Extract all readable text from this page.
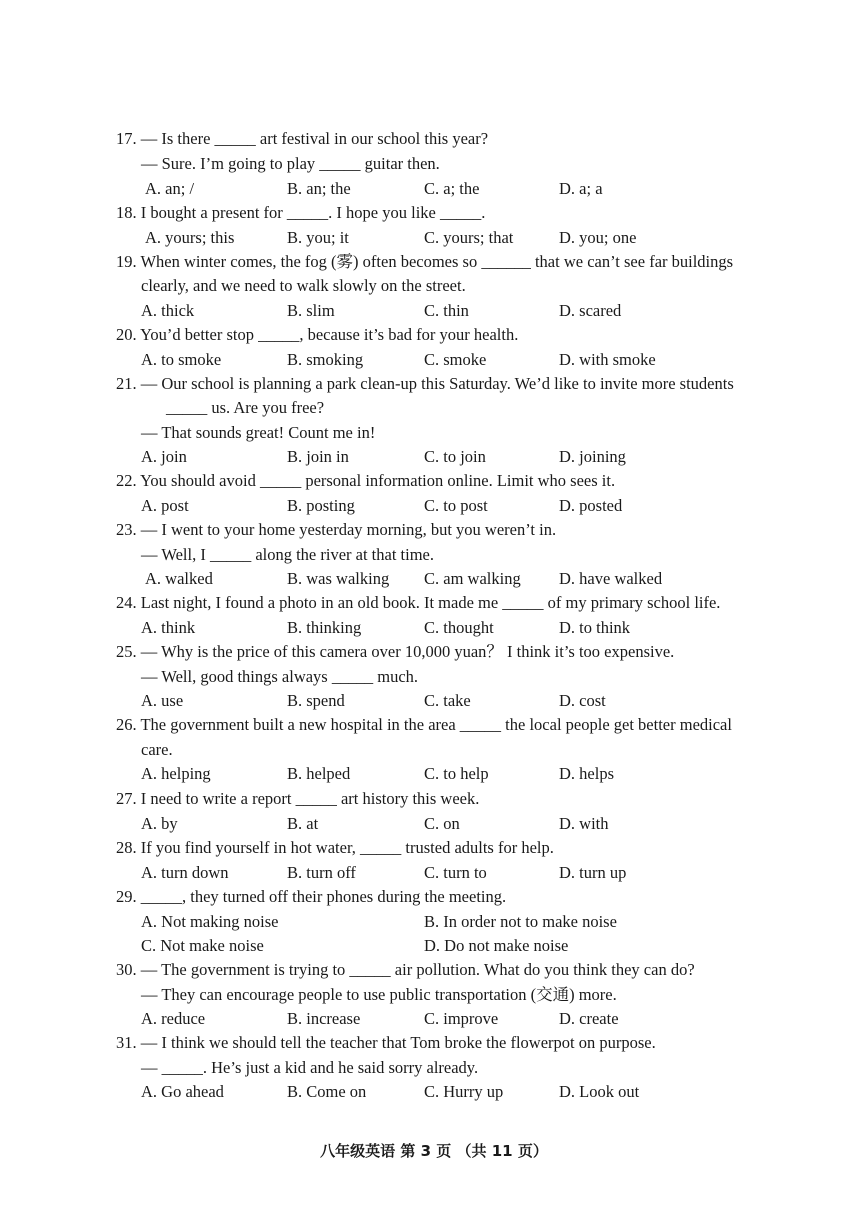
17. — Is there _____ art festival in our school this year?
— Sure. I’m going to play _____ guitar then.
A. an; /	B. an; the	C. a; the	D. a; a
18. I bought a present for _____. I hope you like _____.
A. yours; this	B. you; it	C. yours; that	D. you; one
19. When winter comes, the fog (雾) often becomes so ______ that we can’t see far buildings
clearly, and we need to walk slowly on the street.
A. thick	B. slim	C. thin	D. scared
20. You’d better stop _____, because it’s bad for your health.
A. to smoke	B. smoking	C. smoke	D. with smoke
21. — Our school is planning a park clean-up this Saturday. We’d like to invite more students
_____ us. Are you free?
— That sounds great! Count me in!
A. join	B. join in	C. to join	D. joining
22. You should avoid _____ personal information online. Limit who sees it.
A. post	B. posting	C. to post	D. posted
23. — I went to your home yesterday morning, but you weren’t in.
— Well, I _____ along the river at that time.
A. walked	B. was walking C. am walking D. have walked
24. Last night, I found a photo in an old book. It made me _____ of my primary school life.
A. think	B. thinking	C. thought	D. to think
25. — Why is the price of this camera over 10,000 yuan？ I think it’s too expensive.
— Well, good things always _____ much.
A. use	B. spend	C. take	D. cost
26. The government built a new hospital in the area _____ the local people get better medical
care.
A. helping	B. helped	C. to help	D. helps
27. I need to write a report _____ art history this week.
A. by	B. at	C. on	D. with
28. If you find yourself in hot water, _____ trusted adults for help.
A. turn down	B. turn off	C. turn to	D. turn up
29. _____, they turned off their phones during the meeting.
A. Not making noise	B. In order not to make noise
C. Not make noise	D. Do not make noise
30. — The government is trying to _____ air pollution. What do you think they can do?
— They can encourage people to use public transportation (交通) more.
A. reduce	B. increase	C. improve	D. create
31. — I think we should tell the teacher that Tom broke the flowerpot on purpose.
— _____. He’s just a kid and he said sorry already.
A. Go ahead	B. Come on	C. Hurry up	D. Look out
八年级英语 第 3 页 （共 11 页）
